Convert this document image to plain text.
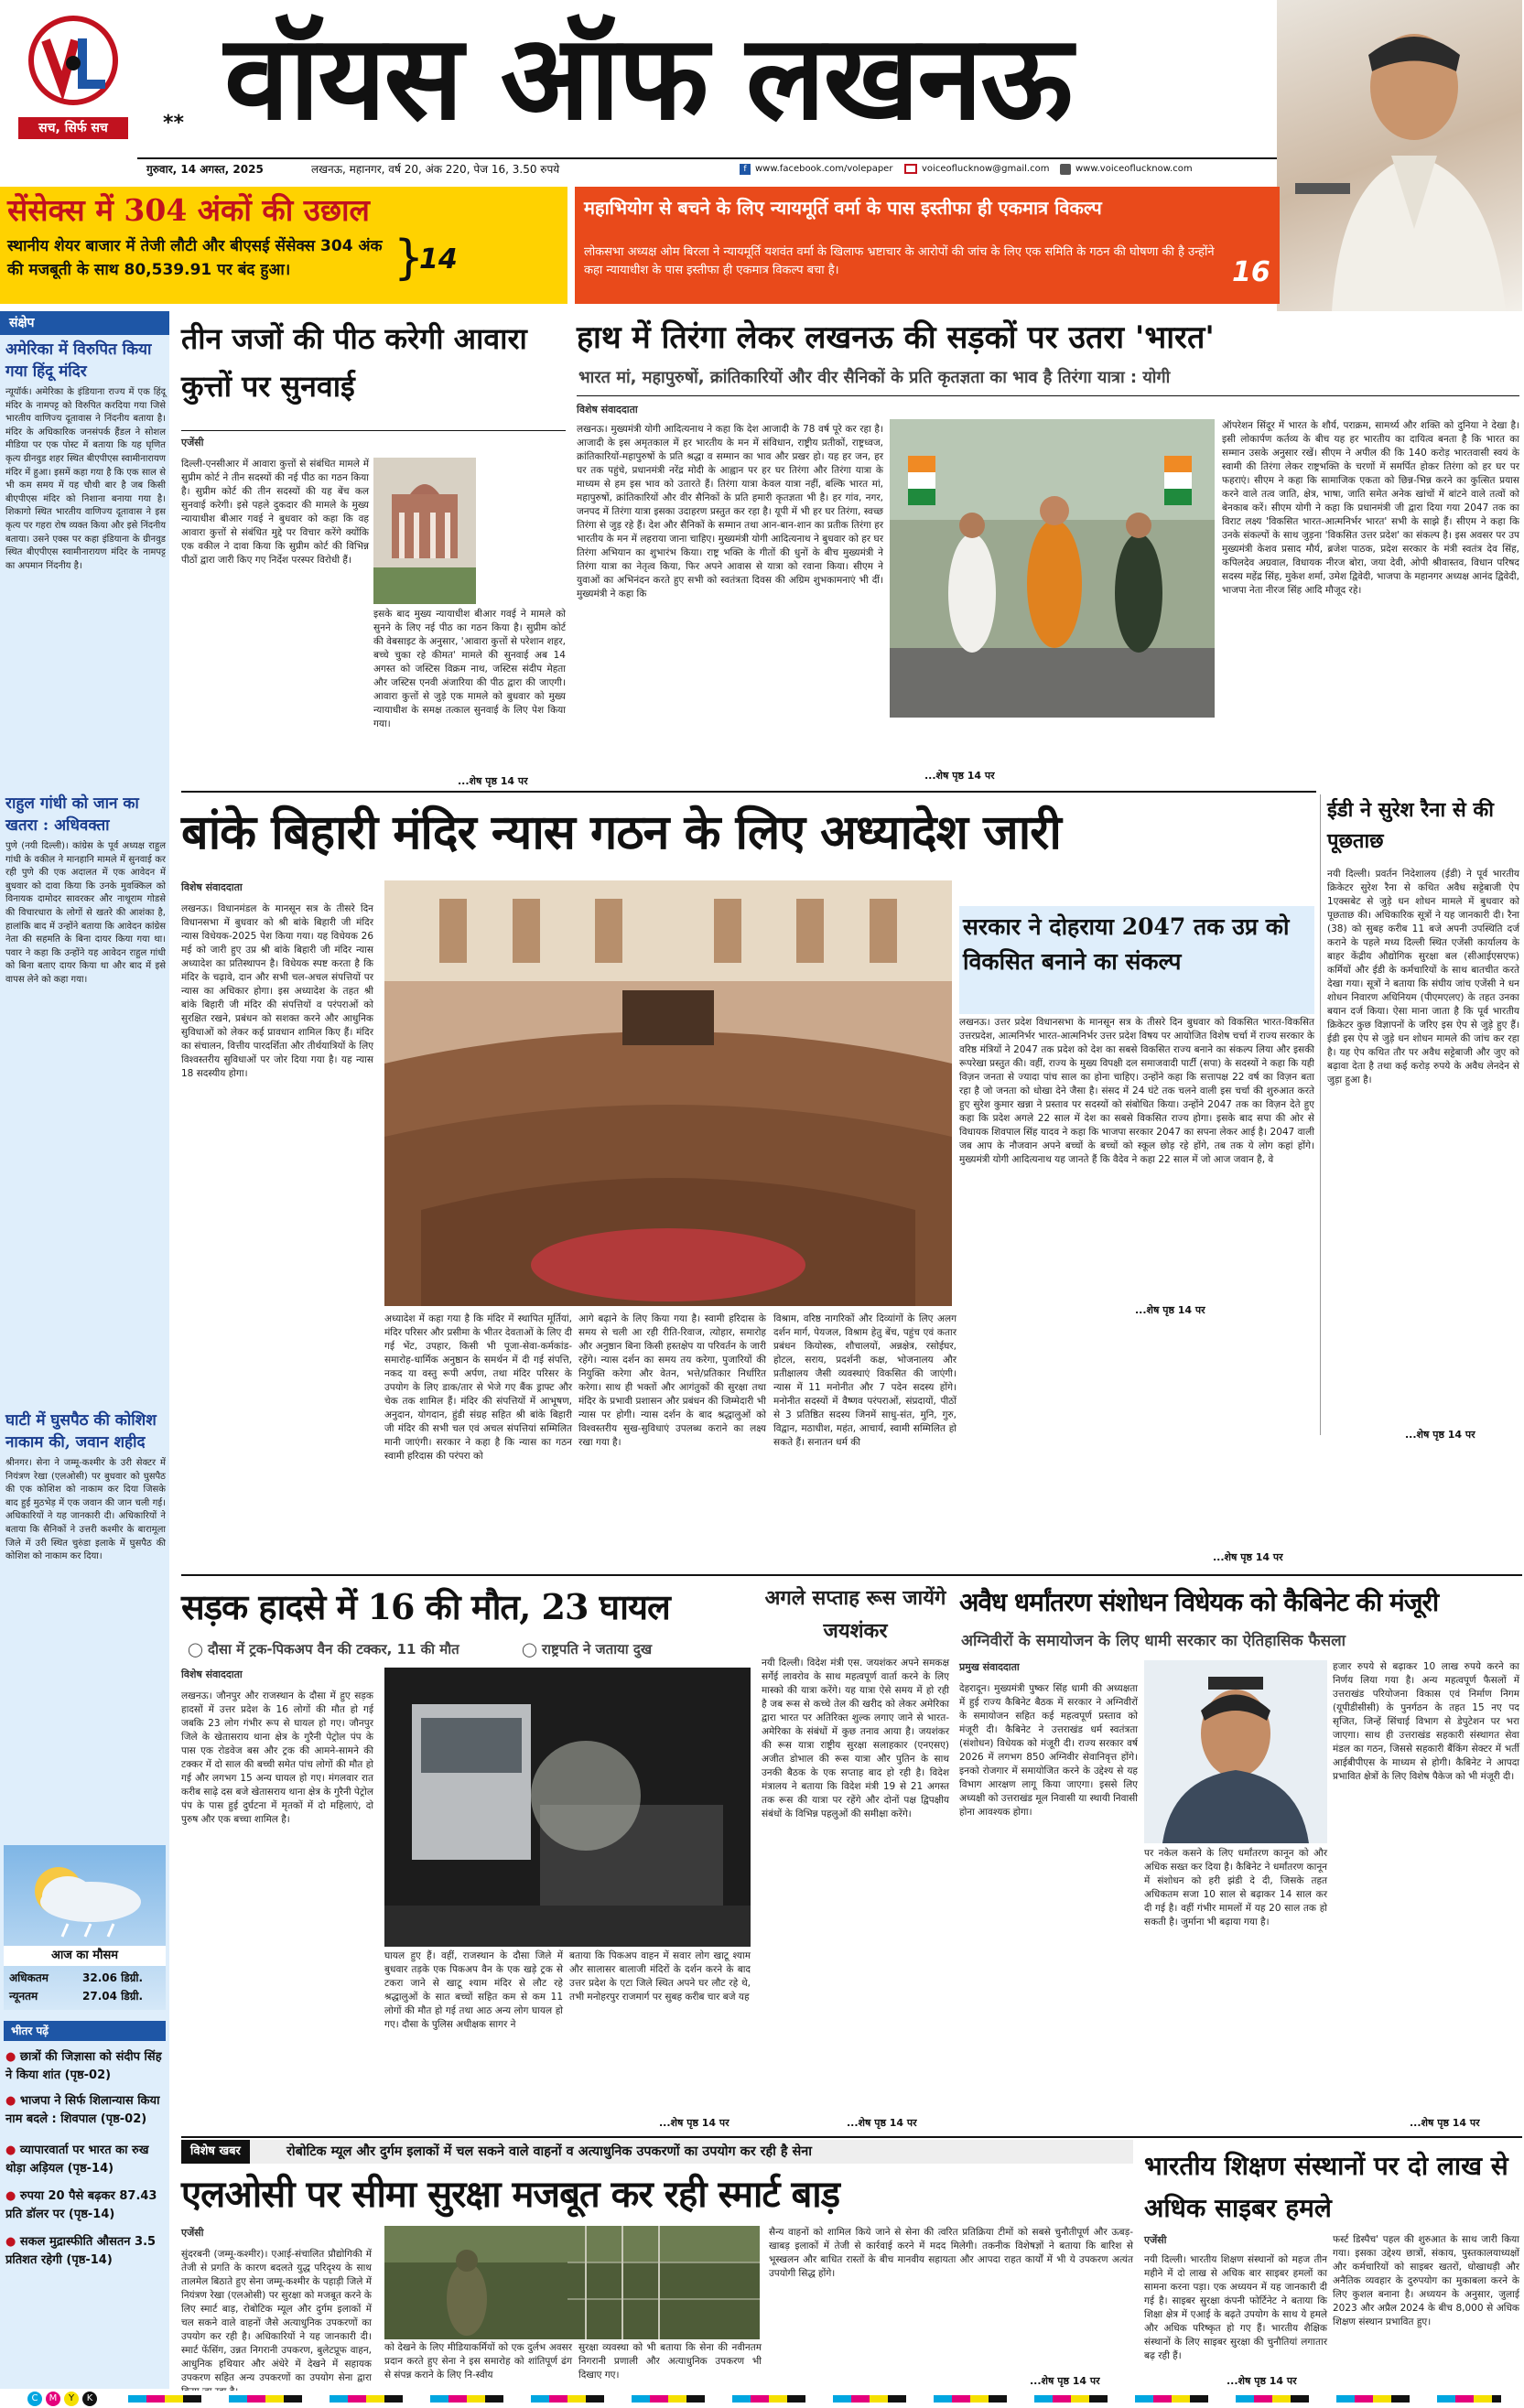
सच, सिर्फ सच	** वॉयस ऑफ लखनऊ
गुरुवार, 14 अगस्त, 2025	लखनऊ, महानगर, वर्ष 20, अंक 220, पेज 16, 3.50 रुपये	f www.facebook.com/volepaper	voiceoflucknow@gmail.com	www.voiceoflucknow.com
सेंसेक्स में 304 अंकों की उछाल
स्थानीय शेयर बाजार में तेजी लौटी और बीएसई सेंसेक्स 304 अंक की मजबूती के साथ 80,539.91 पर बंद हुआ।	}
14
महाभियोग से बचने के लिए न्यायमूर्ति वर्मा के पास इस्तीफा ही एकमात्र विकल्प
लोकसभा अध्यक्ष ओम बिरला ने न्यायमूर्ति यशवंत वर्मा के खिलाफ भ्रष्टाचार के आरोपों की जांच के लिए एक समिति के गठन की घोषणा की है उन्होंने कहा न्यायाधीश के पास इस्तीफा ही एकमात्र विकल्प बचा है।	16
संक्षेप
अमेरिका में विरुपित किया गया हिंदू मंदिर
न्यूयॉर्क। अमेरिका के इंडियाना राज्य में एक हिंदू मंदिर के नामपट्ट को विरुपित करदिया गया जिसे भारतीय वाणिज्य दूतावास ने निंदनीय बताया है। मंदिर के अधिकारिक जनसंपर्क हैंडल ने सोशल मीडिया पर एक पोस्ट में बताया कि यह घृणित कृत्य ग्रीनवुड शहर स्थित बीएपीएस स्वामीनारायण मंदिर में हुआ। इसमें कहा गया है कि एक साल से भी कम समय में यह चौथी बार है जब किसी बीएपीएस मंदिर को निशाना बनाया गया है। शिकागो स्थित भारतीय वाणिज्य दूतावास ने इस कृत्य पर गहरा रोष व्यक्त किया और इसे निंदनीय बताया। उसने एक्स पर कहा इंडियाना के ग्रीनवुड स्थित बीएपीएस स्वामीनारायण मंदिर के नामपट्ट का अपमान निंदनीय है।
राहुल गांधी को जान का खतरा : अधिवक्ता
पुणे (नयी दिल्ली)। कांग्रेस के पूर्व अध्यक्ष राहुल गांधी के वकील ने मानहानि मामले में सुनवाई कर रही पुणे की एक अदालत में एक आवेदन में बुधवार को दावा किया कि उनके मुवक्किल को विनायक दामोदर सावरकर और नाथूराम गोडसे की विचारधारा के लोगों से खतरे की आशंका है, हालांकि बाद में उन्होंने बताया कि आवेदन कांग्रेस नेता की सहमति के बिना दायर किया गया था। पवार ने कहा कि उन्होंने यह आवेदन राहुल गांधी को बिना बताए दायर किया था और बाद में इसे वापस लेने को कहा गया।
घाटी में घुसपैठ की कोशिश नाकाम की, जवान शहीद
श्रीनगर। सेना ने जम्मू-कश्मीर के उरी सेक्टर में नियंत्रण रेखा (एलओसी) पर बुधवार को घुसपैठ की एक कोशिश को नाकाम कर दिया जिसके बाद हुई मुठभेड़ में एक जवान की जान चली गई। अधिकारियों ने यह जानकारी दी। अधिकारियों ने बताया कि सैनिकों ने उत्तरी कश्मीर के बारामूला जिले में उरी स्थित चुरुंडा इलाके में घुसपैठ की कोशिश को नाकाम कर दिया।
आज का मौसम
अधिकतम	32.06 डिग्री.
न्यूनतम	27.04 डिग्री.
भीतर पढ़ें
● छात्रों की जिज्ञासा को संदीप सिंह ने किया शांत (पृष्ठ-02)
● भाजपा ने सिर्फ शिलान्यास किया नाम बदले : शिवपाल (पृष्ठ-02)
● व्यापारवार्ता पर भारत का रुख थोड़ा अड़ियल (पृष्ठ-14)
● रुपया 20 पैसे बढ़कर 87.43 प्रति डॉलर पर (पृष्ठ-14)
● सकल मुद्रास्फीति औसतन 3.5 प्रतिशत रहेगी (पृष्ठ-14)
तीन जजों की पीठ करेगी आवारा कुत्तों पर सुनवाई
एजेंसी
दिल्ली-एनसीआर में आवारा कुत्तों से संबंधित मामले में सुप्रीम कोर्ट ने तीन सदस्यों की नई पीठ का गठन किया है। सुप्रीम कोर्ट की तीन सदस्यों की यह बेंच कल सुनवाई करेगी। इसे पहले दुकदार की मामले के मुख्य न्यायाधीश बीआर गवई ने बुधवार को कहा कि वह आवारा कुत्तों से संबंधित मुद्दे पर विचार करेंगे क्योंकि एक वकील ने दावा किया कि सुप्रीम कोर्ट की विभिन्न पीठों द्वारा जारी किए गए निर्देश परस्पर विरोधी हैं।
इसके बाद मुख्य न्यायाधीश बीआर गवई ने मामले को सुनने के लिए नई पीठ का गठन किया है। सुप्रीम कोर्ट की वेबसाइट के अनुसार, 'आवारा कुत्तों से परेशान शहर, बच्चे चुका रहे कीमत' मामले की सुनवाई अब 14 अगस्त को जस्टिस विक्रम नाथ, जस्टिस संदीप मेहता और जस्टिस एनवी अंजारिया की पीठ द्वारा की जाएगी। आवारा कुत्तों से जुड़े एक मामले को बुधवार को मुख्य न्यायाधीश के समक्ष तत्काल सुनवाई के लिए पेश किया गया।
...शेष पृष्ठ 14 पर
हाथ में तिरंगा लेकर लखनऊ की सड़कों पर उतरा 'भारत'
भारत मां, महापुरुषों, क्रांतिकारियों और वीर सैनिकों के प्रति कृतज्ञता का भाव है तिरंगा यात्रा : योगी
विशेष संवाददाता
लखनऊ। मुख्यमंत्री योगी आदित्यनाथ ने कहा कि देश आजादी के 78 वर्ष पूरे कर रहा है। आजादी के इस अमृतकाल में हर भारतीय के मन में संविधान, राष्ट्रीय प्रतीकों, राष्ट्रध्वज, क्रांतिकारियों-महापुरुषों के प्रति श्रद्धा व सम्मान का भाव और प्रखर हो। यह हर जन, हर घर तक पहुंचे, प्रधानमंत्री नरेंद्र मोदी के आह्वान पर हर घर तिरंगा और तिरंगा यात्रा के माध्यम से हम इस भाव को उतारते हैं। तिरंगा यात्रा केवल यात्रा नहीं, बल्कि भारत मां, महापुरुषों, क्रांतिकारियों और वीर सैनिकों के प्रति हमारी कृतज्ञता भी है। हर गांव, नगर, जनपद में तिरंगा यात्रा इसका उदाहरण प्रस्तुत कर रहा है। यूपी में भी हर घर तिरंगा, स्वच्छ तिरंगा से जुड़ रहे हैं। देश और सैनिकों के सम्मान तथा आन-बान-शान का प्रतीक तिरंगा हर भारतीय के मन में लहराया जाना चाहिए। मुख्यमंत्री योगी आदित्यनाथ ने बुधवार को हर घर तिरंगा अभियान का शुभारंभ किया। राष्ट्र भक्ति के गीतों की धुनों के बीच मुख्यमंत्री ने तिरंगा यात्रा का नेतृत्व किया, फिर अपने आवास से यात्रा को रवाना किया। सीएम ने युवाओं का अभिनंदन करते हुए सभी को स्वतंत्रता दिवस की अग्रिम शुभकामनाएं भी दीं। मुख्यमंत्री ने कहा कि
ऑपरेशन सिंदूर में भारत के शौर्य, पराक्रम, सामर्थ्य और शक्ति को दुनिया ने देखा है। इसी लोकार्पण कर्तव्य के बीच यह हर भारतीय का दायित्व बनता है कि भारत का सम्मान उसके अनुसार रखें। सीएम ने अपील की कि 140 करोड़ भारतवासी स्वयं के स्वामी की तिरंगा लेकर राष्ट्रभक्ति के चरणों में समर्पित होकर तिरंगा को हर घर पर फहराएं। सीएम ने कहा कि सामाजिक एकता को छिन्न-भिन्न करने का कुत्सित प्रयास करने वाले तत्व जाति, क्षेत्र, भाषा, जाति समेत अनेक खांचों में बांटने वाले तत्वों को बेनकाब करें। सीएम योगी ने कहा कि प्रधानमंत्री जी द्वारा दिया गया 2047 तक का विराट लक्ष्य 'विकसित भारत-आत्मनिर्भर भारत' सभी के साझे हैं। सीएम ने कहा कि उनके संकल्पों के साथ जुड़ना 'विकसित उत्तर प्रदेश' का संकल्प है। इस अवसर पर उप मुख्यमंत्री केशव प्रसाद मौर्य, ब्रजेश पाठक, प्रदेश सरकार के मंत्री स्वतंत्र देव सिंह, कपिलदेव अग्रवाल, विधायक नीरज बोरा, जया देवी, ओपी श्रीवास्तव, विधान परिषद सदस्य महेंद्र सिंह, मुकेश शर्मा, उमेश द्विवेदी, भाजपा के महानगर अध्यक्ष आनंद द्विवेदी, भाजपा नेता नीरज सिंह आदि मौजूद रहे।
...शेष पृष्ठ 14 पर
ईडी ने सुरेश रैना से की पूछताछ
नयी दिल्ली। प्रवर्तन निदेशालय (ईडी) ने पूर्व भारतीय क्रिकेटर सुरेश रैना से कथित अवैध सट्टेबाजी ऐप 1एक्सबेट से जुड़े धन शोधन मामले में बुधवार को पूछताछ की। अधिकारिक सूत्रों ने यह जानकारी दी। रैना (38) को सुबह करीब 11 बजे अपनी उपस्थिति दर्ज कराने के पहले मध्य दिल्ली स्थित एजेंसी कार्यालय के बाहर केंद्रीय औद्योगिक सुरक्षा बल (सीआईएसएफ) कर्मियों और ईडी के कर्मचारियों के साथ बातचीत करते देखा गया। सूत्रों ने बताया कि संघीय जांच एजेंसी ने धन शोधन निवारण अधिनियम (पीएमएलए) के तहत उनका बयान दर्ज किया। ऐसा माना जाता है कि पूर्व भारतीय क्रिकेटर कुछ विज्ञापनों के जरिए इस ऐप से जुड़े हुए हैं। ईडी इस ऐप से जुड़े धन शोधन मामले की जांच कर रहा है। यह ऐप कथित तौर पर अवैध सट्टेबाजी और जुए को बढ़ावा देता है तथा कई करोड़ रुपये के अवैध लेनदेन से जुड़ा हुआ है।
...शेष पृष्ठ 14 पर
बांके बिहारी मंदिर न्यास गठन के लिए अध्यादेश जारी
विशेष संवाददाता
लखनऊ। विधानमंडल के मानसून सत्र के तीसरे दिन विधानसभा में बुधवार को श्री बांके बिहारी जी मंदिर न्यास विधेयक-2025 पेश किया गया। यह विधेयक 26 मई को जारी हुए उप्र श्री बांके बिहारी जी मंदिर न्यास अध्यादेश का प्रतिस्थापन है। विधेयक स्पष्ट करता है कि मंदिर के चढ़ावे, दान और सभी चल-अचल संपत्तियों पर न्यास का अधिकार होगा। इस अध्यादेश के तहत श्री बांके बिहारी जी मंदिर की संपत्तियों व परंपराओं को सुरक्षित रखने, प्रबंधन को सशक्त करने और आधुनिक सुविधाओं को लेकर कई प्रावधान शामिल किए हैं। मंदिर का संचालन, वित्तीय पारदर्शिता और तीर्थयात्रियों के लिए विश्वस्तरीय सुविधाओं पर जोर दिया गया है। यह न्यास 18 सदस्यीय होगा।
अध्यादेश में कहा गया है कि मंदिर में स्थापित मूर्तियां, मंदिर परिसर और प्रसीमा के भीतर देवताओं के लिए दी गई भेंट, उपहार, किसी भी पूजा-सेवा-कर्मकांड-समारोह-धार्मिक अनुष्ठान के समर्थन में दी गई संपत्ति, नकद या वस्तु रूपी अर्पण, तथा मंदिर परिसर के उपयोग के लिए डाक/तार से भेजे गए बैंक ड्राफ्ट और चेक तक शामिल हैं। मंदिर की संपत्तियों में आभूषण, अनुदान, योगदान, हुंडी संग्रह सहित श्री बांके बिहारी जी मंदिर की सभी चल एवं अचल संपत्तियां सम्मिलित मानी जाएंगी। सरकार ने कहा है कि न्यास का गठन स्वामी हरिदास की परंपरा को
आगे बढ़ाने के लिए किया गया है। स्वामी हरिदास के समय से चली आ रही रीति-रिवाज, त्योहार, समारोह और अनुष्ठान बिना किसी हस्तक्षेप या परिवर्तन के जारी रहेंगे। न्यास दर्शन का समय तय करेगा, पुजारियों की नियुक्ति करेगा और वेतन, भत्ते/प्रतिकार निर्धारित करेगा। साथ ही भक्तों और आगंतुकों की सुरक्षा तथा मंदिर के प्रभावी प्रशासन और प्रबंधन की जिम्मेदारी भी न्यास पर होगी। न्यास दर्शन के बाद श्रद्धालुओं को विश्वस्तरीय सुख-सुविधाएं उपलब्ध कराने का लक्ष्य रखा गया है।
विश्राम, वरिष्ठ नागरिकों और दिव्यांगों के लिए अलग दर्शन मार्ग, पेयजल, विश्राम हेतु बेंच, पहुंच एवं कतार प्रबंधन कियोस्क, शौचालयों, अन्नक्षेत्र, रसोईघर, होटल, सराय, प्रदर्शनी कक्ष, भोजनालय और प्रतीक्षालय जैसी व्यवस्थाएं विकसित की जाएंगी। न्यास में 11 मनोनीत और 7 पदेन सदस्य होंगे। मनोनीत सदस्यों में वैष्णव परंपराओं, संप्रदायों, पीठों से 3 प्रतिष्ठित सदस्य जिनमें साधु-संत, मुनि, गुरु, विद्वान, मठाधीश, महंत, आचार्य, स्वामी सम्मिलित हो सकते हैं। सनातन धर्म की
...शेष पृष्ठ 14 पर
सरकार ने दोहराया 2047 तक उप्र को विकसित बनाने का संकल्प
लखनऊ। उत्तर प्रदेश विधानसभा के मानसून सत्र के तीसरे दिन बुधवार को विकसित भारत-विकसित उत्तरप्रदेश, आत्मनिर्भर भारत-आत्मनिर्भर उत्तर प्रदेश विषय पर आयोजित विशेष चर्चा में राज्य सरकार के वरिष्ठ मंत्रियों ने 2047 तक प्रदेश को देश का सबसे विकसित राज्य बनाने का संकल्प लिया और इसकी रूपरेखा प्रस्तुत की। वहीं, राज्य के मुख्य विपक्षी दल समाजवादी पार्टी (सपा) के सदस्यों ने कहा कि यही विज़न जनता से ज्यादा पांच साल का होना चाहिए। उन्होंने कहा कि सत्तापक्ष 22 वर्ष का विज़न बता रहा है जो जनता को धोखा देने जैसा है। संसद में 24 घंटे तक चलने वाली इस चर्चा की शुरुआत करते हुए सुरेश कुमार खन्ना ने प्रस्ताव पर सदस्यों को संबोधित किया। उन्होंने 2047 तक का विज़न देते हुए कहा कि प्रदेश अगले 22 साल में देश का सबसे विकसित राज्य होगा। इसके बाद सपा की ओर से विधायक शिवपाल सिंह यादव ने कहा कि भाजपा सरकार 2047 का सपना लेकर आई है। 2047 वाली जब आप के नौजवान अपने बच्चों के बच्चों को स्कूल छोड़ रहे होंगे, तब तक ये लोग कहां होंगे। मुख्यमंत्री योगी आदित्यनाथ यह जानते हैं कि वैदेव ने कहा 22 साल में जो आज जवान है, वे
...शेष पृष्ठ 14 पर
सड़क हादसे में 16 की मौत, 23 घायल
◯ दौसा में ट्रक-पिकअप वैन की टक्कर, 11 की मौत	◯ राष्ट्रपति ने जताया दुख
विशेष संवाददाता
लखनऊ। जौनपुर और राजस्थान के दौसा में हुए सड़क हादसों में उत्तर प्रदेश के 16 लोगों की मौत हो गई जबकि 23 लोग गंभीर रूप से घायल हो गए। जौनपुर जिले के खेतासराय थाना क्षेत्र के गुरैनी पेट्रोल पंप के पास एक रोडवेज बस और ट्रक की आमने-सामने की टक्कर में दो साल की बच्ची समेत पांच लोगों की मौत हो गई और लगभग 15 अन्य घायल हो गए। मंगलवार रात करीब साढ़े दस बजे खेतासराय थाना क्षेत्र के गुरैनी पेट्रोल पंप के पास हुई दुर्घटना में मृतकों में दो महिलाएं, दो पुरुष और एक बच्चा शामिल है।
घायल हुए हैं। वहीं, राजस्थान के दौसा जिले में बुधवार तड़के एक पिकअप वैन के एक खड़े ट्रक से टकरा जाने से खाटू श्याम मंदिर से लौट रहे श्रद्धालुओं के सात बच्चों सहित कम से कम 11 लोगों की मौत हो गई तथा आठ अन्य लोग घायल हो गए। दौसा के पुलिस अधीक्षक सागर ने
बताया कि पिकअप वाहन में सवार लोग खाटू श्याम और सालासर बालाजी मंदिरों के दर्शन करने के बाद उत्तर प्रदेश के एटा जिले स्थित अपने घर लौट रहे थे, तभी मनोहरपुर राजमार्ग पर सुबह करीब चार बजे यह
...शेष पृष्ठ 14 पर
अगले सप्ताह रूस जायेंगे जयशंकर
नयी दिल्ली। विदेश मंत्री एस. जयशंकर अपने समकक्ष सर्गेई लावरोव के साथ महत्वपूर्ण वार्ता करने के लिए मास्को की यात्रा करेंगे। यह यात्रा ऐसे समय में हो रही है जब रूस से कच्चे तेल की खरीद को लेकर अमेरिका द्वारा भारत पर अतिरिक्त शुल्क लगाए जाने से भारत-अमेरिका के संबंधों में कुछ तनाव आया है। जयशंकर की रूस यात्रा राष्ट्रीय सुरक्षा सलाहकार (एनएसए) अजीत डोभाल की रूस यात्रा और पुतिन के साथ उनकी बैठक के एक सप्ताह बाद हो रही है। विदेश मंत्रालय ने बताया कि विदेश मंत्री 19 से 21 अगस्त तक रूस की यात्रा पर रहेंगे और दोनों पक्ष द्विपक्षीय संबंधों के विभिन्न पहलुओं की समीक्षा करेंगे।
...शेष पृष्ठ 14 पर
अवैध धर्मांतरण संशोधन विधेयक को कैबिनेट की मंजूरी
अग्निवीरों के समायोजन के लिए धामी सरकार का ऐतिहासिक फैसला
प्रमुख संवाददाता
देहरादून। मुख्यमंत्री पुष्कर सिंह धामी की अध्यक्षता में हुई राज्य कैबिनेट बैठक में सरकार ने अग्निवीरों के समायोजन सहित कई महत्वपूर्ण प्रस्ताव को मंजूरी दी। कैबिनेट ने उत्तराखंड धर्म स्वतंत्रता (संशोधन) विधेयक को मंजूरी दी। राज्य सरकार वर्ष 2026 में लगभग 850 अग्निवीर सेवानिवृत्त होंगे। इनको रोजगार में समायोजित करने के उद्देश्य से यह विभाग आरक्षण लागू किया जाएगा। इससे लिए अध्यक्षी को उत्तराखंड मूल निवासी या स्थायी निवासी होना आवश्यक होगा।
पर नकेल कसने के लिए धर्मांतरण कानून को और अधिक सख्त कर दिया है। कैबिनेट ने धर्मांतरण कानून में संशोधन को हरी झंडी दे दी, जिसके तहत अधिकतम सजा 10 साल से बढ़ाकर 14 साल कर दी गई है। वहीं गंभीर मामलों में यह 20 साल तक हो सकती है। जुर्माना भी बढ़ाया गया है।
हजार रुपये से बढ़ाकर 10 लाख रुपये करने का निर्णय लिया गया है। अन्य महत्वपूर्ण फैसलों में उत्तराखंड परियोजना विकास एवं निर्माण निगम (यूपीडीसीसी) के पुनर्गठन के तहत 15 नए पद सृजित, जिन्हें सिंचाई विभाग से डेपुटेशन पर भरा जाएगा। साथ ही उत्तराखंड सहकारी संस्थागत सेवा मंडल का गठन, जिससे सहकारी बैंकिंग सेक्टर में भर्ती आईबीपीएस के माध्यम से होगी। कैबिनेट ने आपदा प्रभावित क्षेत्रों के लिए विशेष पैकेज को भी मंजूरी दी।
...शेष पृष्ठ 14 पर
विशेष खबर	रोबोटिक म्यूल और दुर्गम इलाकों में चल सकने वाले वाहनों व अत्याधुनिक उपकरणों का उपयोग कर रही है सेना
एलओसी पर सीमा सुरक्षा मजबूत कर रही स्मार्ट बाड़
एजेंसी
सुंदरबनी (जम्मू-कश्मीर)। एआई-संचालित प्रौद्योगिकी में तेजी से प्रगति के कारण बदलते युद्ध परिदृश्य के साथ तालमेल बिठाते हुए सेना जम्मू-कश्मीर के पहाड़ी जिले में नियंत्रण रेखा (एलओसी) पर सुरक्षा को मजबूत करने के लिए स्मार्ट बाड़, रोबोटिक म्यूल और दुर्गम इलाकों में चल सकने वाले वाहनों जैसे अत्याधुनिक उपकरणों का उपयोग कर रही है। अधिकारियों ने यह जानकारी दी। स्मार्ट फेंसिंग, उन्नत निगरानी उपकरण, बुलेटप्रूफ वाहन, आधुनिक हथियार और अंधेरे में देखने में सहायक उपकरण सहित अन्य उपकरणों का उपयोग सेना द्वारा
को देखने के लिए मीडियाकर्मियों को एक दुर्लभ अवसर प्रदान करते हुए सेना ने इस समारोह को शांतिपूर्ण ढंग से संपन्न कराने के लिए नि-स्वीय
सुरक्षा व्यवस्था को भी बताया कि सेना की नवीनतम निगरानी प्रणाली और अत्याधुनिक उपकरण भी दिखाए गए।
सैन्य वाहनों को शामिल किये जाने से सेना की त्वरित प्रतिक्रिया टीमों को सबसे चुनौतीपूर्ण और ऊबड़-खाबड़ इलाकों में तेजी से कार्रवाई करने में मदद मिलेगी। तकनीक विशेषज्ञों ने बताया कि बारिश से भूस्खलन और बाधित रास्तों के बीच मानवीय सहायता और आपदा राहत कार्यों में भी ये उपकरण अत्यंत उपयोगी सिद्ध होंगे।
...शेष पृष्ठ 14 पर
भारतीय शिक्षण संस्थानों पर दो लाख से अधिक साइबर हमले
एजेंसी
नयी दिल्ली। भारतीय शिक्षण संस्थानों को महज तीन महीने में दो लाख से अधिक बार साइबर हमलों का सामना करना पड़ा। एक अध्ययन में यह जानकारी दी गई है। साइबर सुरक्षा कंपनी फोर्टिनेट ने बताया कि शिक्षा क्षेत्र में एआई के बढ़ते उपयोग के साथ ये हमले और अधिक परिष्कृत हो गए हैं। भारतीय शैक्षिक संस्थानों के लिए साइबर सुरक्षा की चुनौतियां लगातार बढ़ रही हैं।
फर्स्ट डिस्पैच' पहल की शुरुआत के साथ जारी किया गया। इसका उद्देश्य छात्रों, संकाय, पुस्तकालयाध्यक्षों और कर्मचारियों को साइबर खतरों, धोखाधड़ी और अनैतिक व्यवहार के दुरुपयोग का मुकाबला करने के लिए कुशल बनाना है। अध्ययन के अनुसार, जुलाई 2023 और अप्रैल 2024 के बीच 8,000 से अधिक शिक्षण संस्थान प्रभावित हुए।
...शेष पृष्ठ 14 पर
C	M	Y	K
